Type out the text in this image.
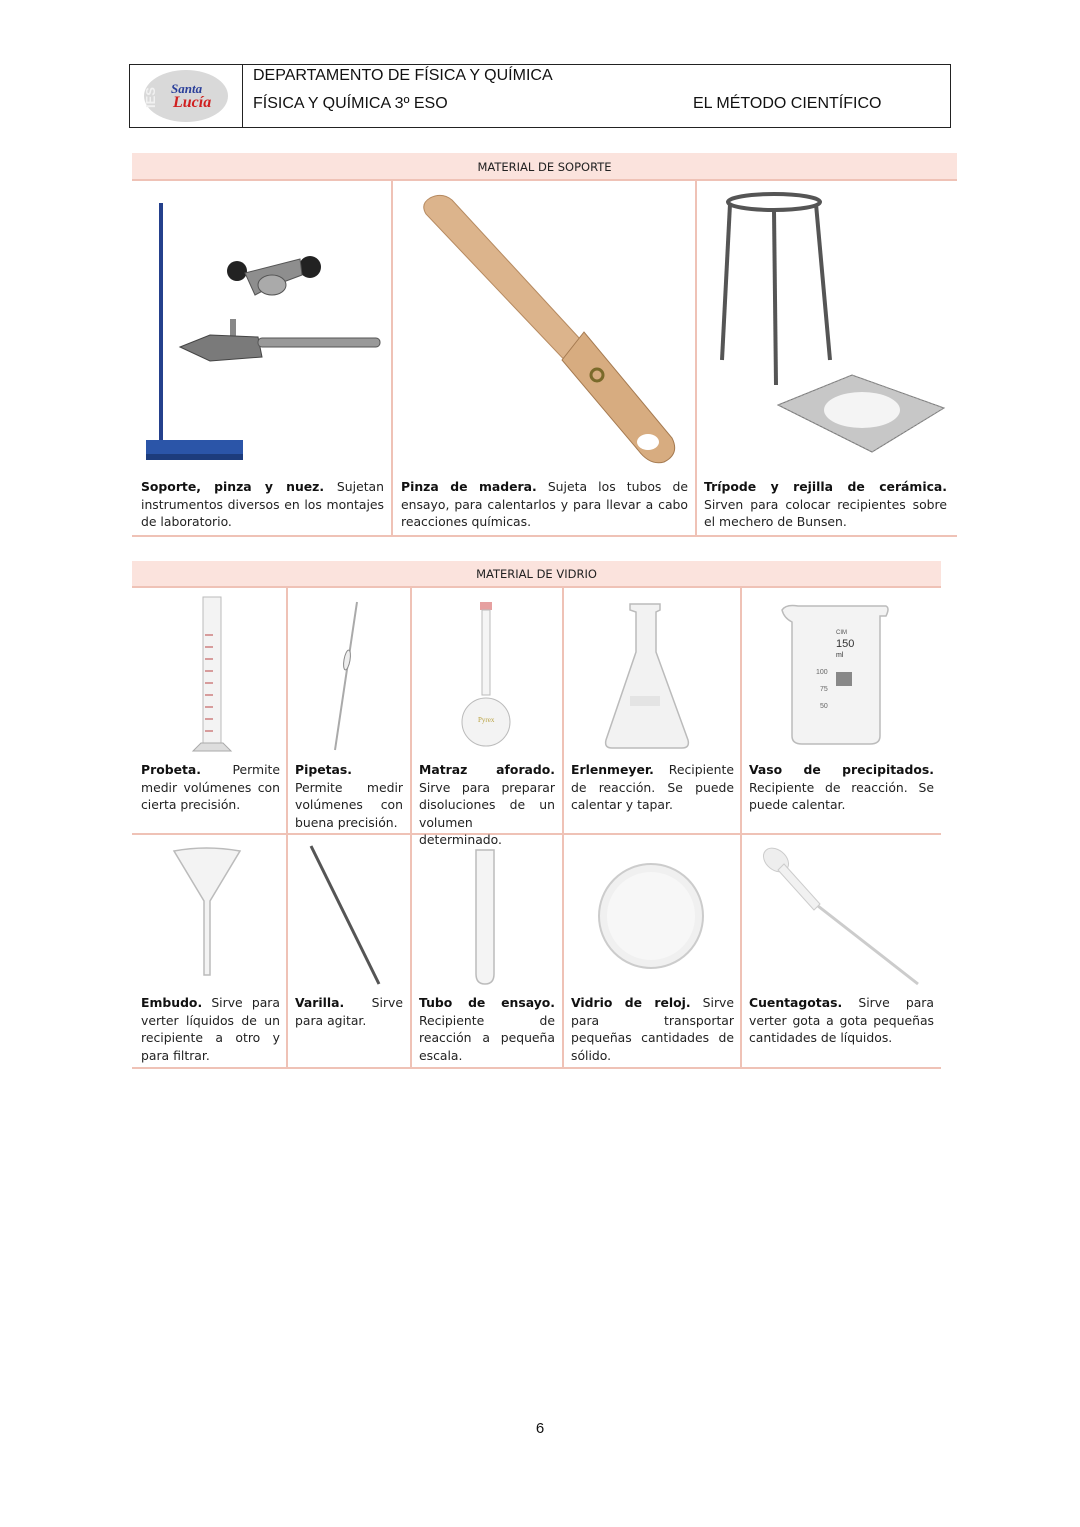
IES Santa
Lucía
DEPARTAMENTO DE FÍSICA Y QUÍMICA
FÍSICA Y QUÍMICA 3º ESO	EL MÉTODO CIENTÍFICO
MATERIAL DE SOPORTE
Soporte, pinza y nuez. Sujetan instrumentos diversos en los montajes de laboratorio.
Pinza de madera. Sujeta los tubos de ensayo, para calentarlos y para llevar a cabo reacciones químicas.
Trípode y rejilla de cerámica. Sirven para colocar recipientes sobre el mechero de Bunsen.
MATERIAL DE VIDRIO
Pyrex
CIM
150
ml
100
75
50
Probeta. Permite medir volúmenes con cierta precisión.
Pipetas. Permite medir volúmenes con buena precisión.
Matraz aforado. Sirve para preparar disoluciones de un volumen determinado.
Erlenmeyer. Recipiente de reacción. Se puede calentar y tapar.
Vaso de precipitados. Recipiente de reacción. Se puede calentar.
Embudo. Sirve para verter líquidos de un recipiente a otro y para filtrar.
Varilla. Sirve para agitar.
Tubo de ensayo. Recipiente de reacción a pequeña escala.
Vidrio de reloj. Sirve para transportar pequeñas cantidades de sólido.
Cuentagotas. Sirve para verter gota a gota pequeñas cantidades de líquidos.
6
